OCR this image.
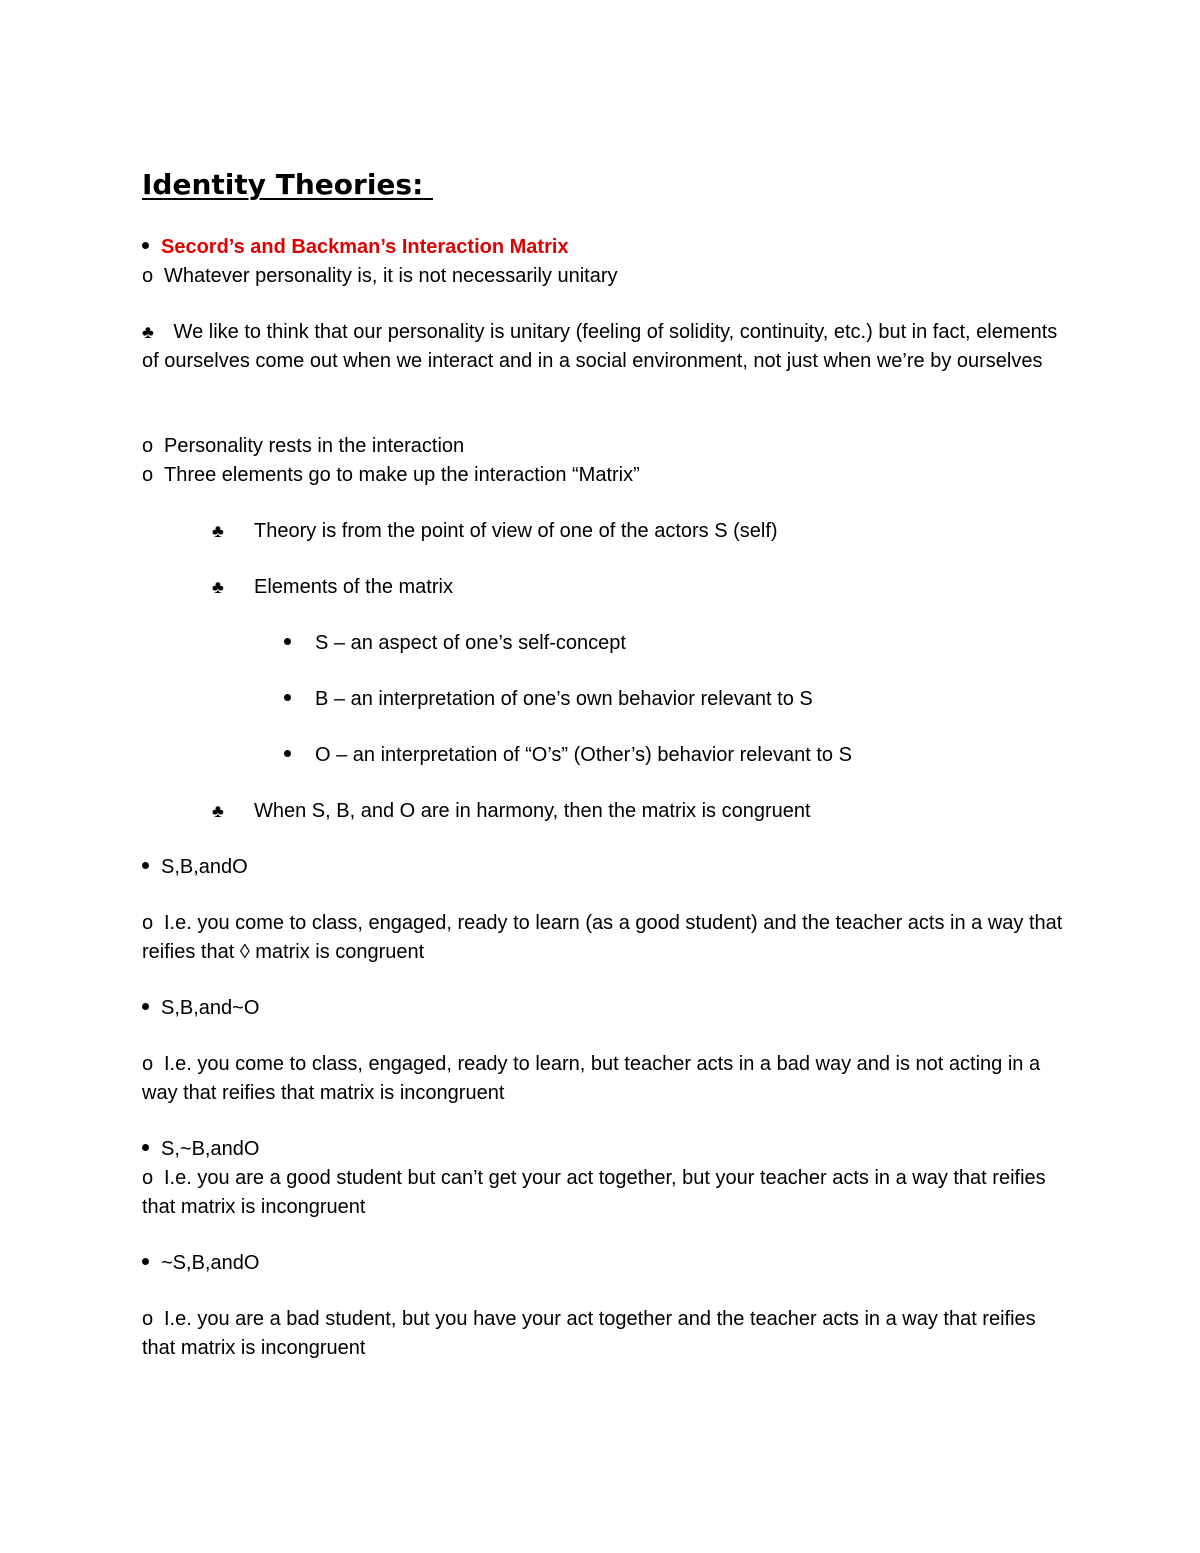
Identity Theories:
Secord’s and Backman’s Interaction Matrix
o Whatever personality is, it is not necessarily unitary
♣ We like to think that our personality is unitary (feeling of solidity, continuity, etc.) but in fact, elements of ourselves come out when we interact and in a social environment, not just when we’re by ourselves
o Personality rests in the interaction
o Three elements go to make up the interaction “Matrix”
♣ Theory is from the point of view of one of the actors S (self)
♣ Elements of the matrix
S – an aspect of one’s self-concept
B – an interpretation of one’s own behavior relevant to S
O – an interpretation of “O’s” (Other’s) behavior relevant to S
♣ When S, B, and O are in harmony, then the matrix is congruent
S,B,andO
o I.e. you come to class, engaged, ready to learn (as a good student) and the teacher acts in a way that reifies that ◊ matrix is congruent
S,B,and~O
o I.e. you come to class, engaged, ready to learn, but teacher acts in a bad way and is not acting in a way that reifies that matrix is incongruent
S,~B,andO
o I.e. you are a good student but can’t get your act together, but your teacher acts in a way that reifies that matrix is incongruent
~S,B,andO
o I.e. you are a bad student, but you have your act together and the teacher acts in a way that reifies that matrix is incongruent
